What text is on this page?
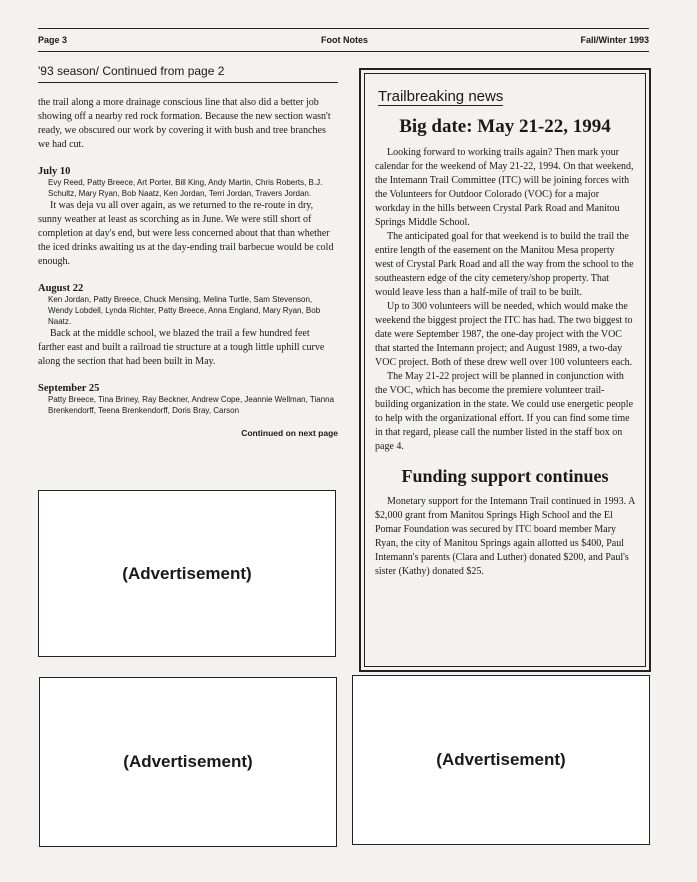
Page 3	Foot Notes	Fall/Winter 1993
'93 season/ Continued from page 2

the trail along a more drainage conscious line that also did a better job showing off a nearby red rock formation. Because the new section wasn't ready, we obscured our work by covering it with bush and tree branches we had cut.

July 10

Evy Reed, Patty Breece, Art Porter, Bill King, Andy Martin, Chris Roberts, B.J. Schultz, Mary Ryan, Bob Naatz, Ken Jordan, Terri Jordan, Travers Jordan.

It was deja vu all over again, as we returned to the re-route in dry, sunny weather at least as scorching as in June. We were still short of completion at day's end, but were less concerned about that than whether the iced drinks awaiting us at the day-ending trail barbecue would be cold enough.

August 22

Ken Jordan, Patty Breece, Chuck Mensing, Melina Turtle, Sam Stevenson, Wendy Lobdell, Lynda Richter, Patty Breece, Anna England, Mary Ryan, Bob Naatz.

Back at the middle school, we blazed the trail a few hundred feet farther east and built a railroad tie structure at a tough little uphill curve along the section that had been built in May.

September 25

Patty Breece, Tina Briney, Ray Beckner, Andrew Cope, Jeannie Wellman, Tianna Brenkendorff, Teena Brenkendorff, Doris Bray, Carson

Continued on next page

Trailbreaking news
Big date: May 21-22, 1994

Looking forward to working trails again? Then mark your calendar for the weekend of May 21-22, 1994. On that weekend, the Intemann Trail Committee (ITC) will be joining forces with the Volunteers for Outdoor Colorado (VOC) for a major workday in the hills between Crystal Park Road and Manitou Springs Middle School.

The anticipated goal for that weekend is to build the trail the entire length of the easement on the Manitou Mesa property west of Crystal Park Road and all the way from the school to the southeastern edge of the city cemetery/shop property. That would leave less than a half-mile of trail to be built.

Up to 300 volunteers will be needed, which would make the weekend the biggest project the ITC has had. The two biggest to date were September 1987, the one-day project with the VOC that started the Intemann project; and August 1989, a two-day VOC project. Both of these drew well over 100 volunteers each.

The May 21-22 project will be planned in conjunction with the VOC, which has become the premiere volunteer trail-building organization in the state. We could use energetic people to help with the organizational effort. If you can find some time in that regard, please call the number listed in the staff box on page 4.

Funding support continues

Monetary support for the Intemann Trail continued in 1993. A $2,000 grant from Manitou Springs High School and the El Pomar Foundation was secured by ITC board member Mary Ryan, the city of Manitou Springs again allotted us $400, Paul Intemann's parents (Clara and Luther) donated $200, and Paul's sister (Kathy) donated $25.

(Advertisement)
(Advertisement)	(Advertisement)
